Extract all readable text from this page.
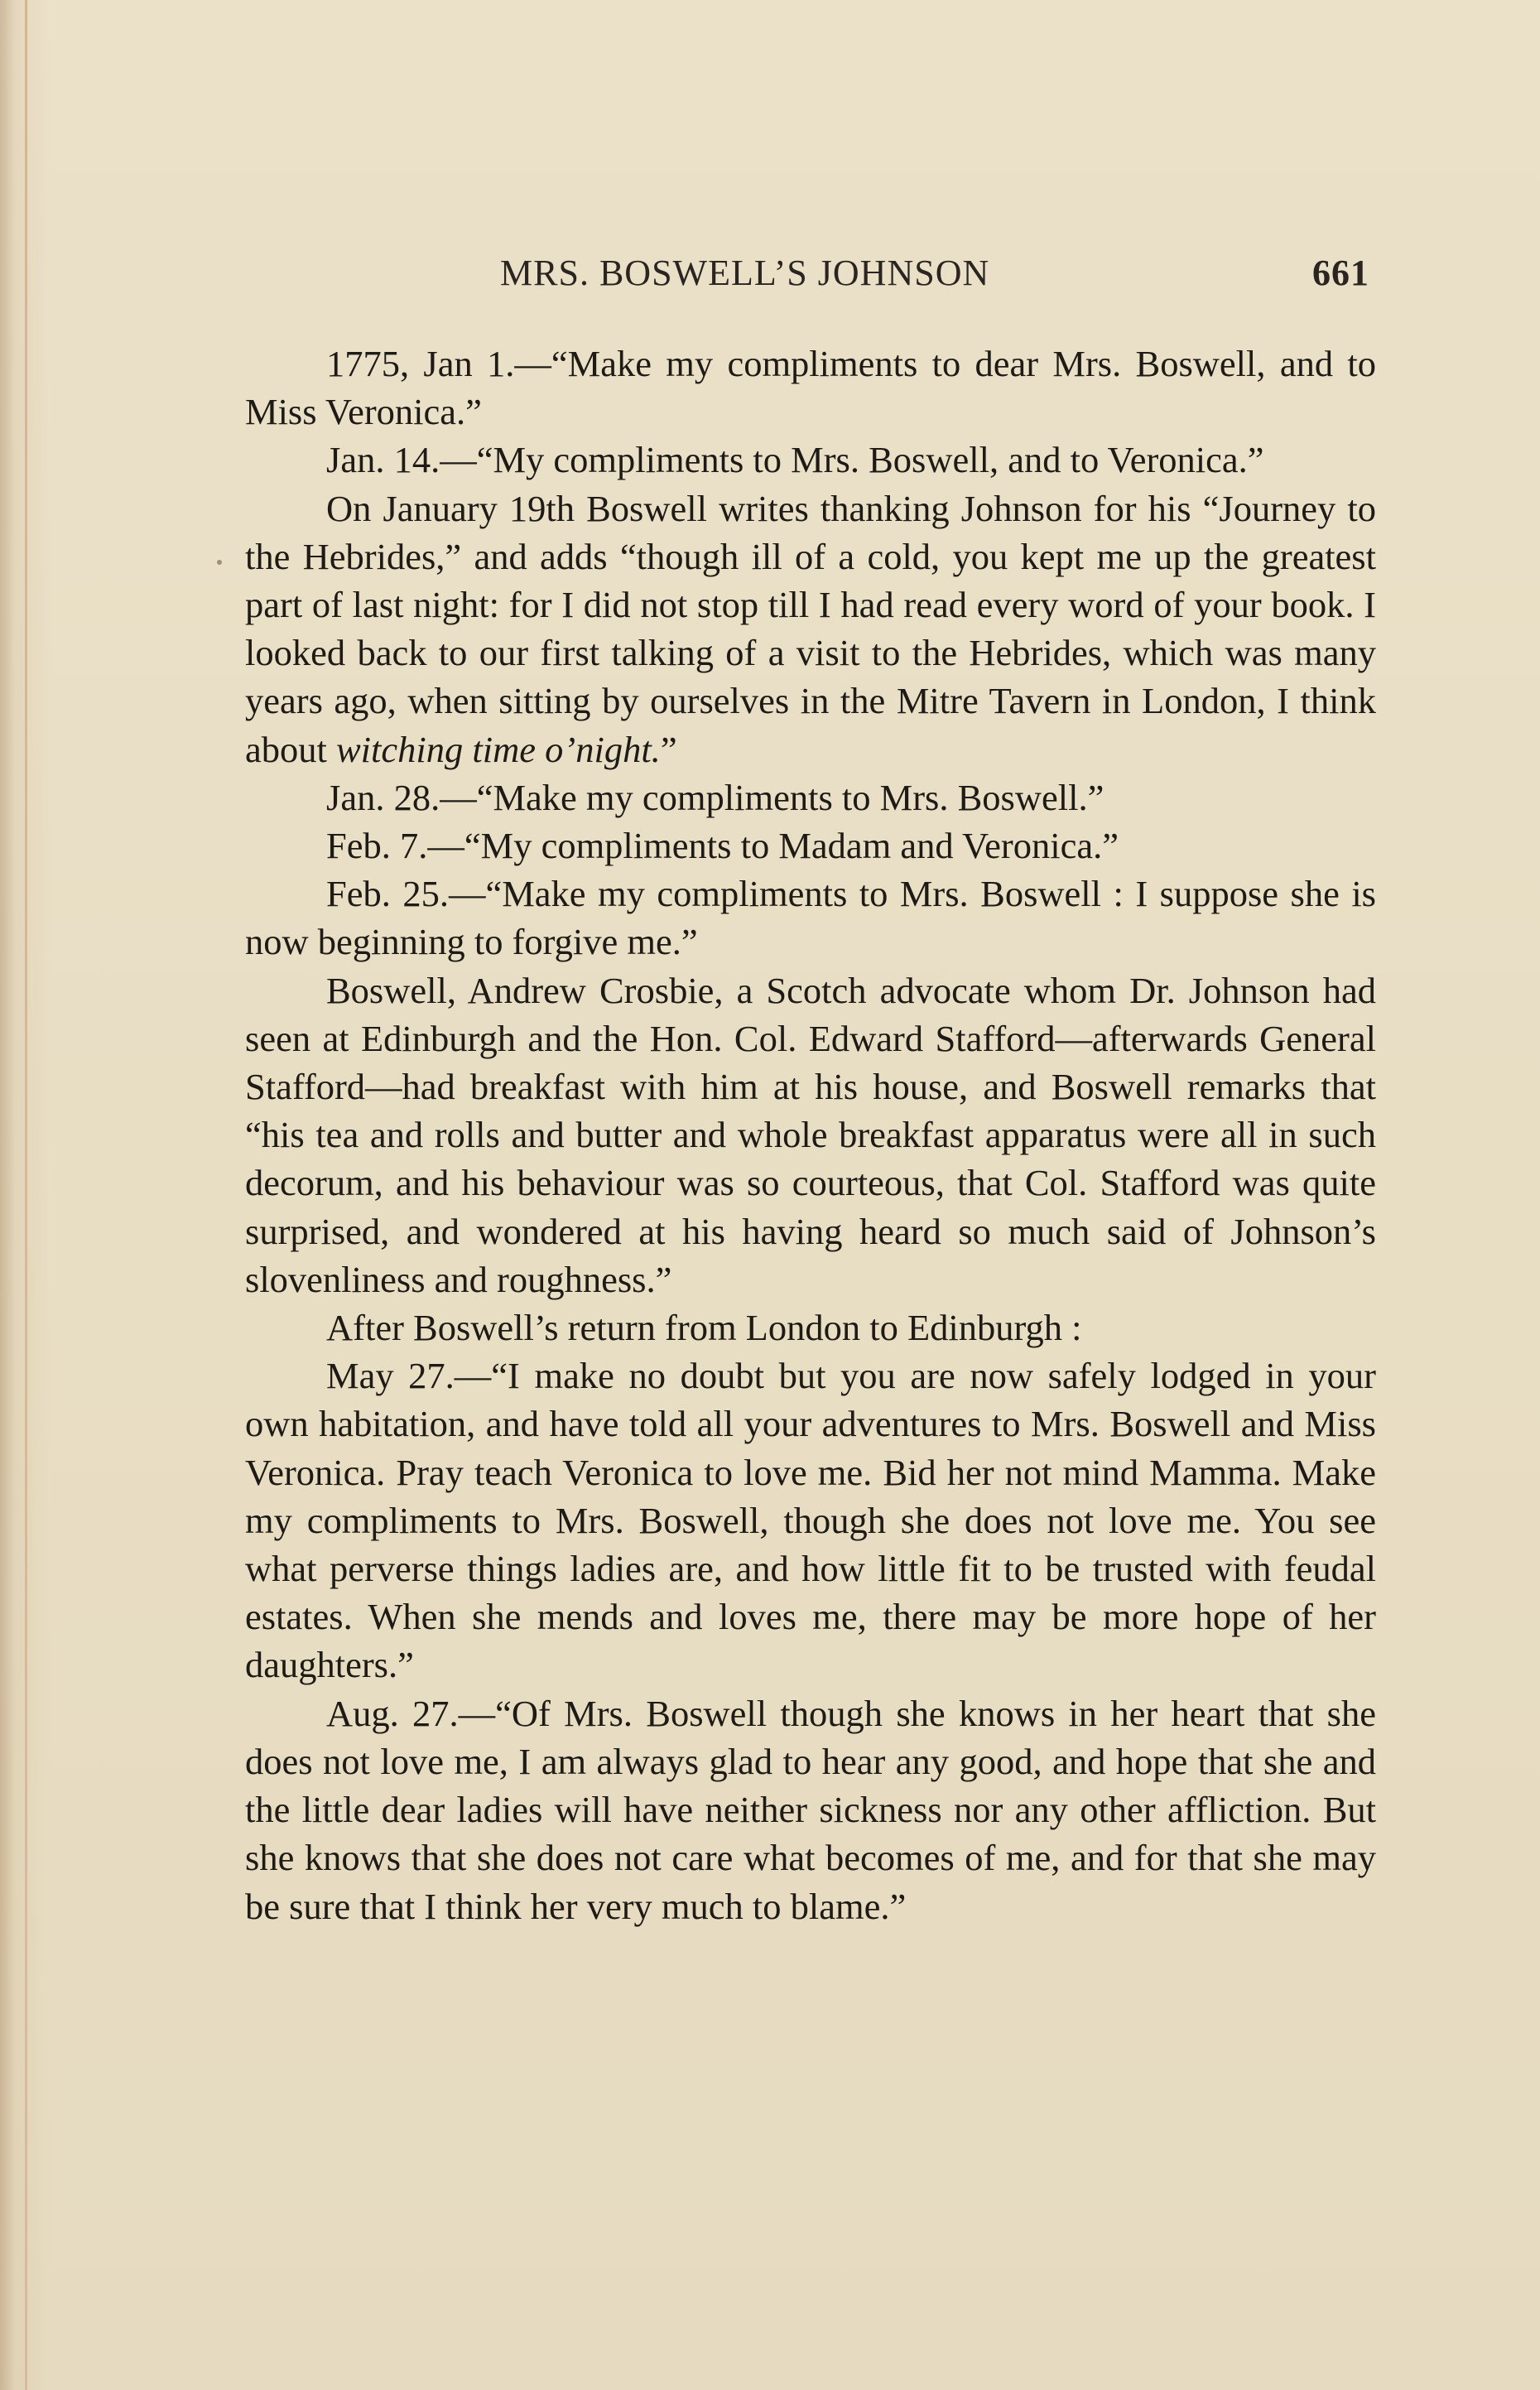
MRS. BOSWELL’S JOHNSON	661

1775, Jan 1.—“Make my compliments to dear Mrs. Boswell, and to Miss Veronica.”

Jan. 14.—“My compliments to Mrs. Boswell, and to Veronica.”

On January 19th Boswell writes thanking Johnson for his “Journey to the Hebrides,” and adds “though ill of a cold, you kept me up the greatest part of last night: for I did not stop till I had read every word of your book. I looked back to our first talking of a visit to the Hebrides, which was many years ago, when sitting by ourselves in the Mitre Tavern in London, I think about witching time o’night.”

Jan. 28.—“Make my compliments to Mrs. Boswell.”

Feb. 7.—“My compliments to Madam and Veronica.”

Feb. 25.—“Make my compliments to Mrs. Boswell : I suppose she is now beginning to forgive me.”

Boswell, Andrew Crosbie, a Scotch advocate whom Dr. Johnson had seen at Edinburgh and the Hon. Col. Edward Stafford—afterwards General Stafford—had breakfast with him at his house, and Boswell remarks that “his tea and rolls and butter and whole breakfast apparatus were all in such decorum, and his behaviour was so courteous, that Col. Stafford was quite surprised, and wondered at his having heard so much said of Johnson’s slovenliness and roughness.”

After Boswell’s return from London to Edinburgh :

May 27.—“I make no doubt but you are now safely lodged in your own habitation, and have told all your adventures to Mrs. Boswell and Miss Veronica. Pray teach Veronica to love me. Bid her not mind Mamma. Make my compliments to Mrs. Boswell, though she does not love me. You see what perverse things ladies are, and how little fit to be trusted with feudal estates. When she mends and loves me, there may be more hope of her daughters.”

Aug. 27.—“Of Mrs. Boswell though she knows in her heart that she does not love me, I am always glad to hear any good, and hope that she and the little dear ladies will have neither sickness nor any other affliction. But she knows that she does not care what becomes of me, and for that she may be sure that I think her very much to blame.”
